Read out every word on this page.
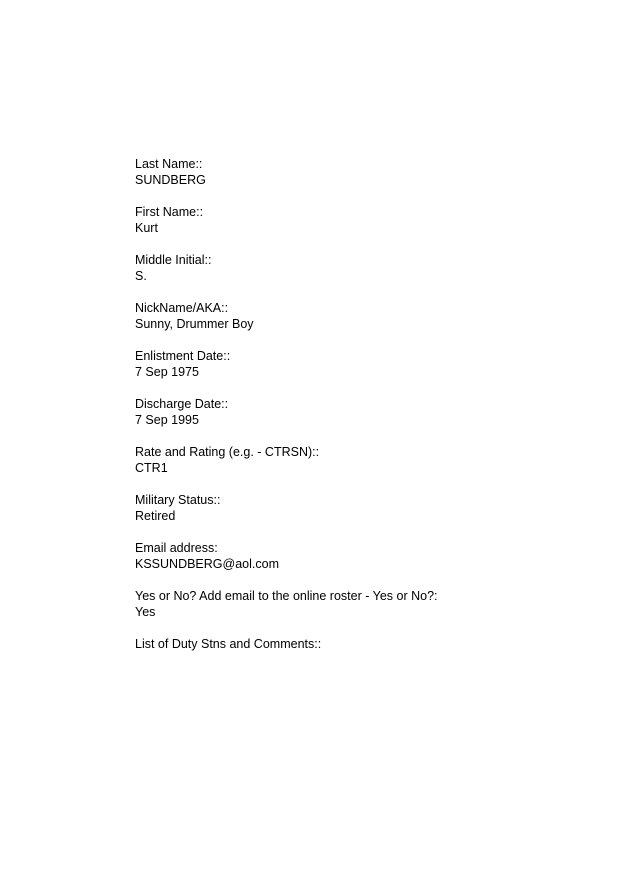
Last Name::
SUNDBERG
First Name::
Kurt
Middle Initial::
S.
NickName/AKA::
Sunny, Drummer Boy
Enlistment Date::
7 Sep 1975
Discharge Date::
7 Sep 1995
Rate and Rating (e.g. - CTRSN)::
CTR1
Military Status::
Retired
Email address:
KSSUNDBERG@aol.com
Yes or No? Add email to the online roster - Yes or No?:
Yes
List of Duty Stns and Comments::
